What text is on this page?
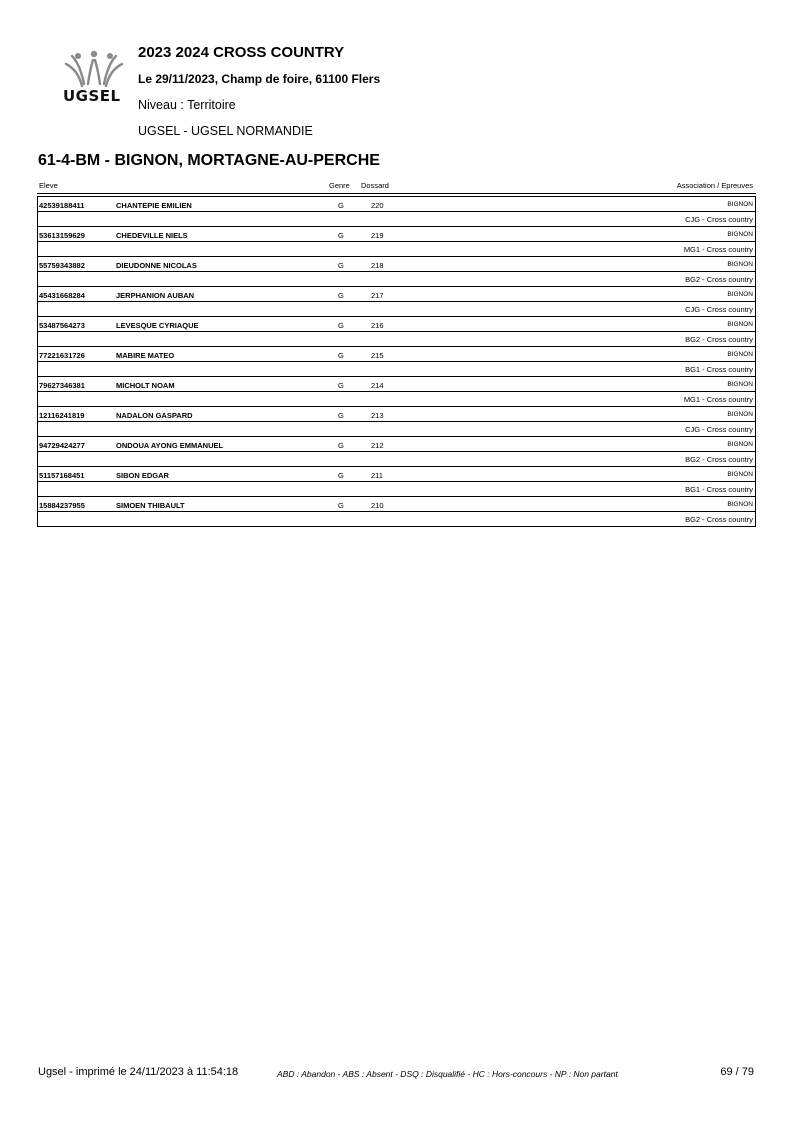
UGSEL
2023 2024 CROSS COUNTRY
Le 29/11/2023, Champ de foire, 61100 Flers
Niveau : Territoire
UGSEL - UGSEL NORMANDIE
61-4-BM - BIGNON, MORTAGNE-AU-PERCHE
Eleve	Genre Dossard	Association / Epreuves
42539188411	CHANTEPIE EMILIEN	G	220	BIGNON
CJG - Cross country
53613159629	CHEDEVILLE NIELS	G	219	BIGNON
MG1 - Cross country
55759343882	DIEUDONNE NICOLAS	G	218	BIGNON
BG2 - Cross country
45431668284	JERPHANION AUBAN	G	217	BIGNON
CJG - Cross country
53487564273	LEVESQUE CYRIAQUE	G	216	BIGNON
BG2 - Cross country
77221631726	MABIRE MATEO	G	215	BIGNON
BG1 - Cross country
79627346381	MICHOLT NOAM	G	214	BIGNON
MG1 - Cross country
12116241819	NADALON GASPARD	G	213	BIGNON
CJG - Cross country
94729424277	ONDOUA AYONG EMMANUEL	G	212	BIGNON
BG2 - Cross country
51157168451	SIBON EDGAR	G	211	BIGNON
BG1 - Cross country
15884237955	SIMOEN THIBAULT	G	210	BIGNON
BG2 - Cross country
Ugsel - imprimé le 24/11/2023 à 11:54:18	ABD : Abandon - ABS : Absent - DSQ : Disqualifié - HC : Hors-concours - NP : Non partant	69 / 79
